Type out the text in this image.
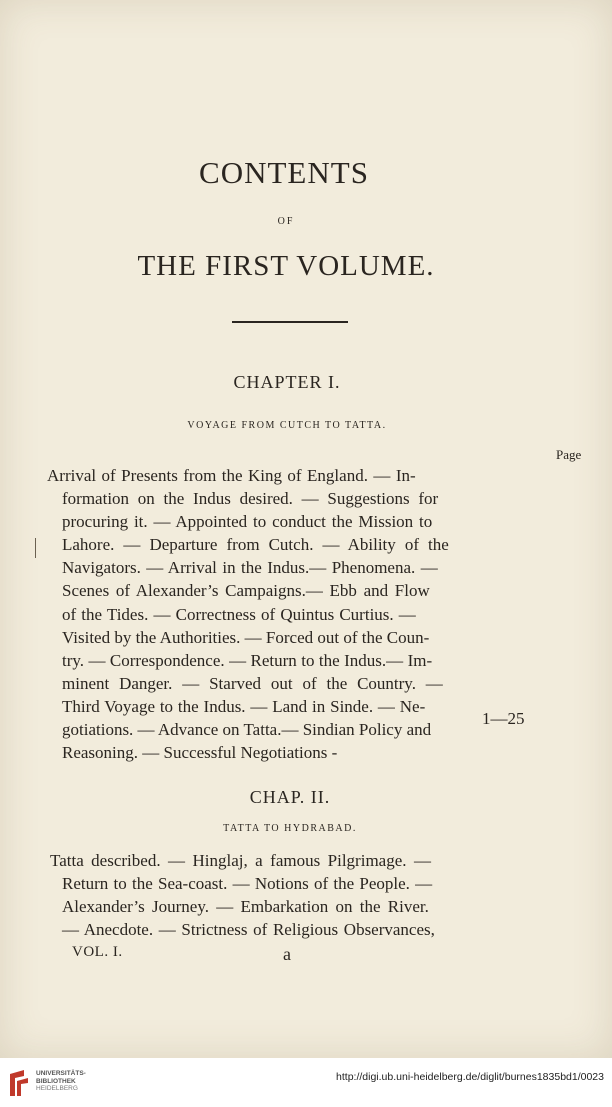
CONTENTS
OF
THE FIRST VOLUME.
CHAPTER I.
VOYAGE FROM CUTCH TO TATTA.
Page
Arrival of Presents from the King of England. — In-
formation on the Indus desired. — Suggestions for
procuring it. — Appointed to conduct the Mission to
Lahore. — Departure from Cutch. — Ability of the
Navigators. — Arrival in the Indus.— Phenomena. —
Scenes of Alexander’s Campaigns.— Ebb and Flow
of the Tides. — Correctness of Quintus Curtius. —
Visited by the Authorities. — Forced out of the Coun-
try. — Correspondence. — Return to the Indus.— Im-
minent Danger. — Starved out of the Country. —
Third Voyage to the Indus. — Land in Sinde. — Ne-
gotiations. — Advance on Tatta.— Sindian Policy and
Reasoning. — Successful Negotiations -
1—25
CHAP. II.
TATTA TO HYDRABAD.
Tatta described. — Hinglaj, a famous Pilgrimage. —
Return to the Sea-coast. — Notions of the People. —
Alexander’s Journey. — Embarkation on the River.
— Anecdote. — Strictness of Religious Observances,
VOL. I.	a
UNIVERSITÄTS-
BIBLIOTHEK
HEIDELBERG
http://digi.ub.uni-heidelberg.de/diglit/burnes1835bd1/0023
